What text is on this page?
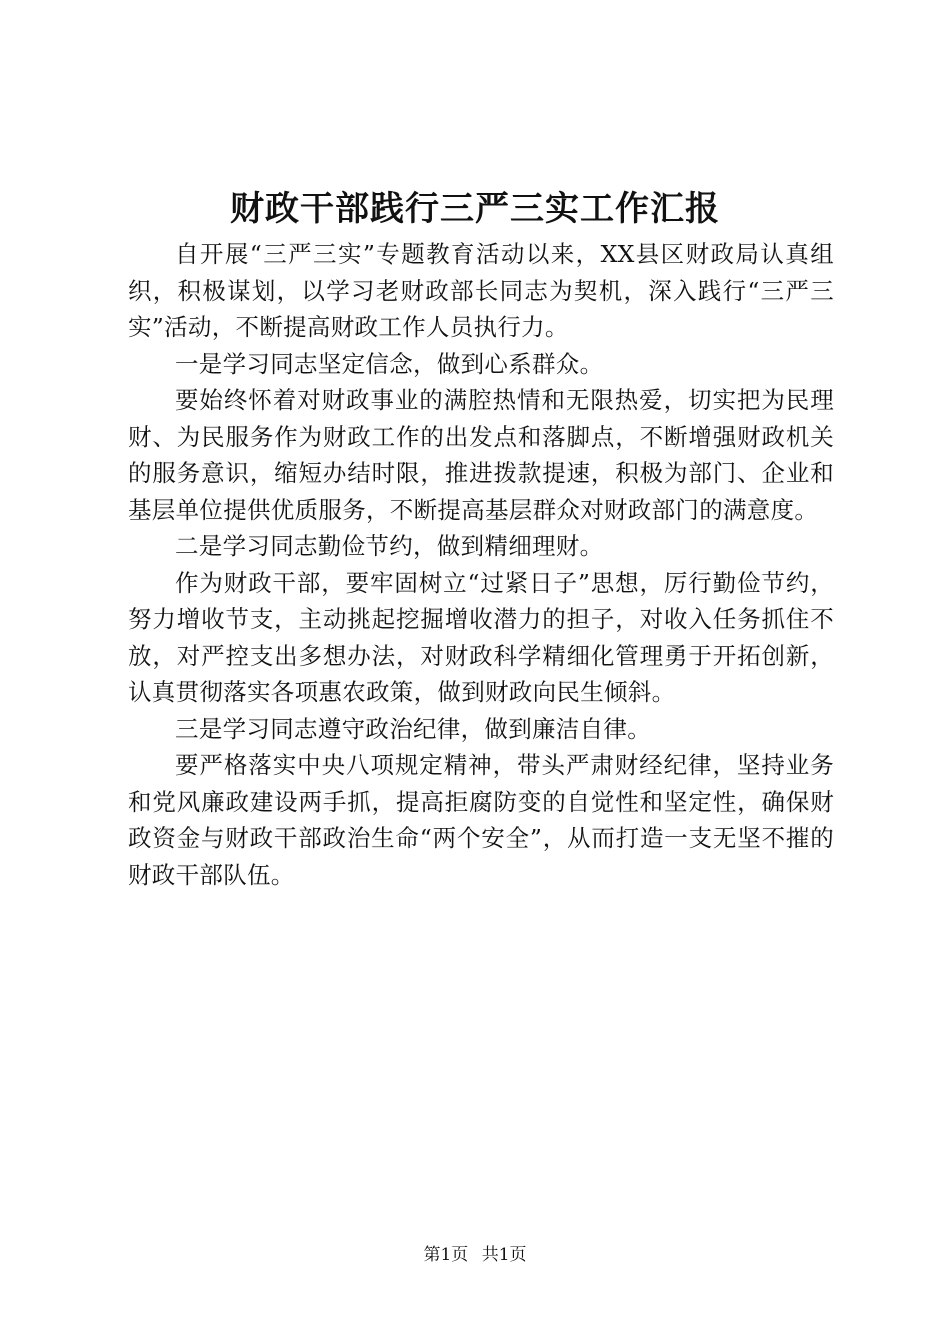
财政干部践行三严三实工作汇报

自开展“三严三实”专题教育活动以来，XX县区财政局认真组织，积极谋划，以学习老财政部长同志为契机，深入践行“三严三实”活动，不断提高财政工作人员执行力。

一是学习同志坚定信念，做到心系群众。

要始终怀着对财政事业的满腔热情和无限热爱，切实把为民理财、为民服务作为财政工作的出发点和落脚点，不断增强财政机关的服务意识，缩短办结时限，推进拨款提速，积极为部门、企业和基层单位提供优质服务，不断提高基层群众对财政部门的满意度。

二是学习同志勤俭节约，做到精细理财。

作为财政干部，要牢固树立“过紧日子”思想，厉行勤俭节约，努力增收节支，主动挑起挖掘增收潜力的担子，对收入任务抓住不放，对严控支出多想办法，对财政科学精细化管理勇于开拓创新，认真贯彻落实各项惠农政策，做到财政向民生倾斜。

三是学习同志遵守政治纪律，做到廉洁自律。

要严格落实中央八项规定精神，带头严肃财经纪律，坚持业务和党风廉政建设两手抓，提高拒腐防变的自觉性和坚定性，确保财政资金与财政干部政治生命“两个安全”，从而打造一支无坚不摧的财政干部队伍。

第1页 共1页
